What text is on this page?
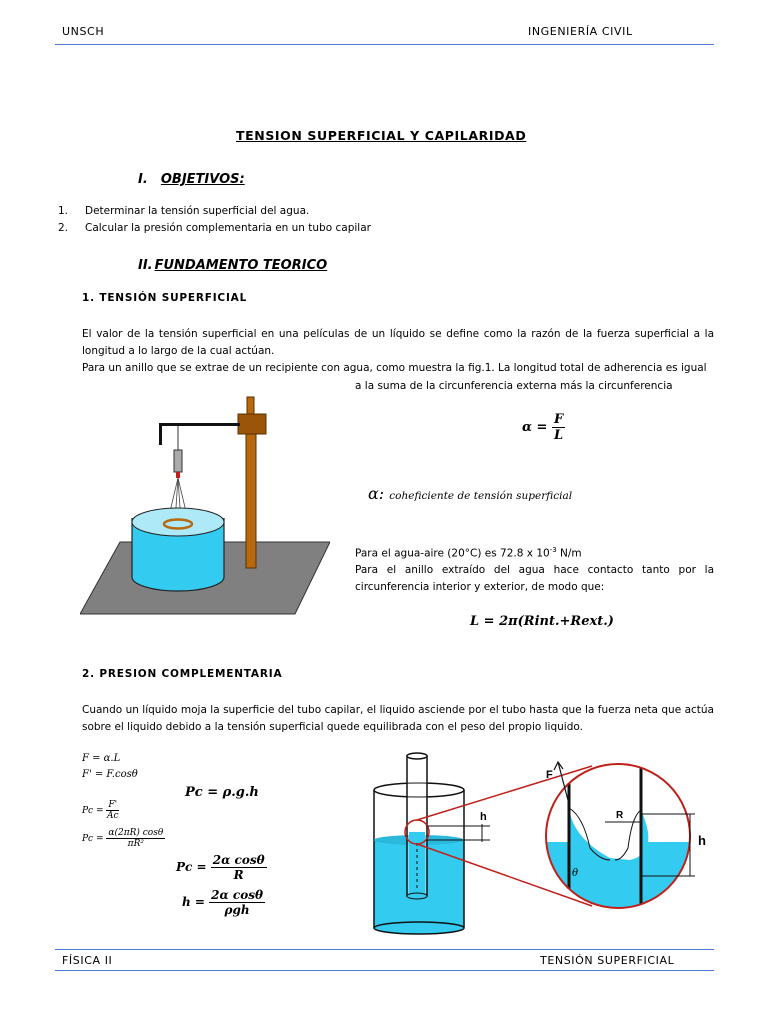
UNSCH	INGENIERÍA CIVIL
TENSION SUPERFICIAL Y CAPILARIDAD
I. OBJETIVOS:
1. Determinar la tensión superficial del agua.
2. Calcular la presión complementaria en un tubo capilar
II. FUNDAMENTO TEORICO
1. TENSIÓN SUPERFICIAL
El valor de la tensión superficial en una películas de un líquido se define como la razón de la fuerza superficial a la longitud a lo largo de la cual actúan.
Para un anillo que se extrae de un recipiente con agua, como muestra la fig.1. La longitud total de adherencia es igual
a la suma de la circunferencia externa más la circunferencia
$\alpha = \frac{F}{L}$
α: coheficiente de tensión superficial
Para el agua-aire (20°C) es 72.8 x $10^{-3}$ N/m
Para el anillo extraído del agua hace contacto tanto por la circunferencia interior y exterior, de modo que:
L = 2π(Rint.+Rext.)
2. PRESION COMPLEMENTARIA
Cuando un líquido moja la superficie del tubo capilar, el liquido asciende por el tubo hasta que la fuerza neta que actúa sobre el liquido debido a la tensión superficial quede equilibrada con el peso del propio liquido.
F = α.L
F' = F.cosθ
Pc = ρ.g.h
$Pc = \frac{F'}{Ac}$
$Pc = \frac{\alpha(2\pi R) \cos\theta}{\text{πR²}}$
$Pc = \frac{\text{2α cosθ}}{R}$
$h = \frac{\text{2α cosθ}}{\text{ρgh}}$
h	R
F
θ
h
FÍSICA II	TENSIÓN SUPERFICIAL
